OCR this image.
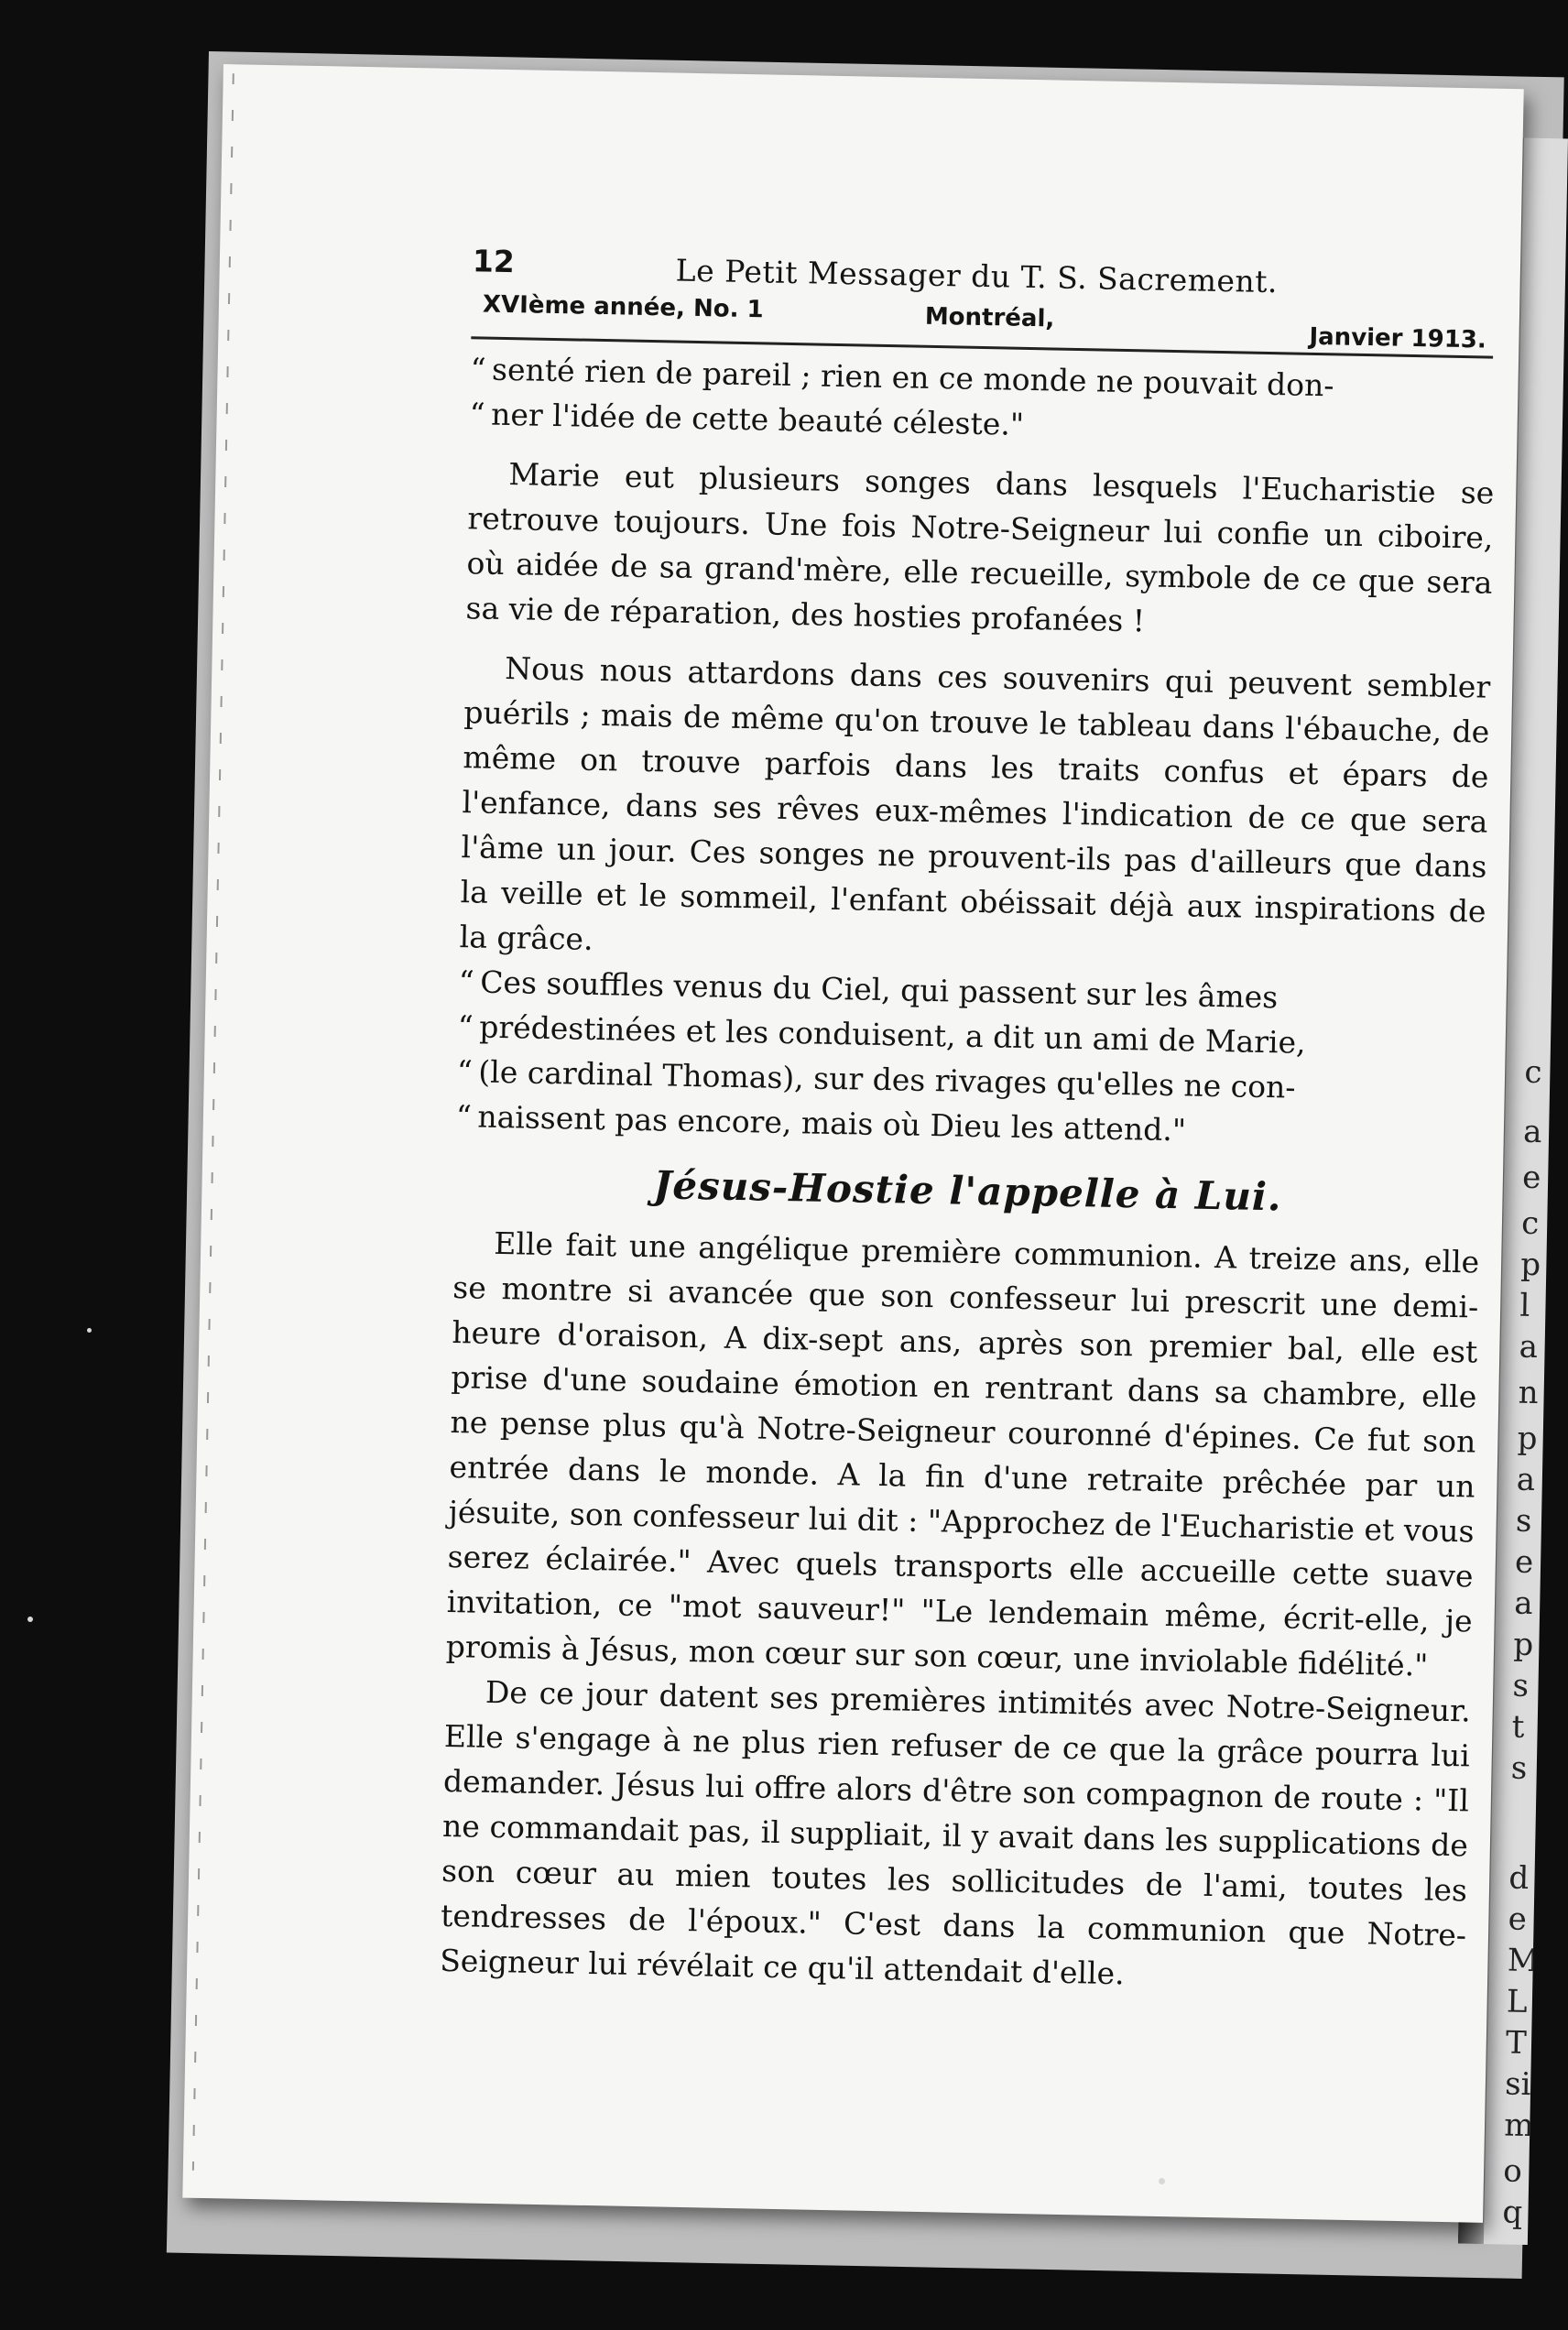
c
a
e
c
p
l
a
n
p
a
s
e
a
p
s
t
s
d
e
M
L
T
si
m
o
q
12	Le Petit Messager du T. S. Sacrement.
XVIème année, No. 1	Montréal,
Janvier 1913.

“ senté rien de pareil ; rien en ce monde ne pouvait don-

“ ner l'idée de cette beauté céleste."

Marie eut plusieurs songes dans lesquels l'Eucharistie se retrouve toujours. Une fois Notre-Seigneur lui confie un ciboire, où aidée de sa grand'mère, elle recueille, symbole de ce que sera sa vie de réparation, des hosties profanées !

Nous nous attardons dans ces souvenirs qui peuvent sembler puérils ; mais de même qu'on trouve le tableau dans l'ébauche, de même on trouve parfois dans les traits confus et épars de l'enfance, dans ses rêves eux-mêmes l'indication de ce que sera l'âme un jour. Ces songes ne prouvent-ils pas d'ailleurs que dans la veille et le sommeil, l'enfant obéissait déjà aux inspirations de la grâce.

“ Ces souffles venus du Ciel, qui passent sur les âmes

“ prédestinées et les conduisent, a dit un ami de Marie,

“ (le cardinal Thomas), sur des rivages qu'elles ne con-

“ naissent pas encore, mais où Dieu les attend."

Jésus-Hostie l'appelle à Lui.

Elle fait une angélique première communion. A treize ans, elle se montre si avancée que son confesseur lui prescrit une demi-heure d'oraison, A dix-sept ans, après son premier bal, elle est prise d'une soudaine émotion en rentrant dans sa chambre, elle ne pense plus qu'à Notre-Seigneur couronné d'épines. Ce fut son entrée dans le monde. A la fin d'une retraite prêchée par un jésuite, son confesseur lui dit : "Approchez de l'Eucharistie et vous serez éclairée." Avec quels transports elle accueille cette suave invitation, ce "mot sauveur!" "Le lendemain même, écrit-elle, je promis à Jésus, mon cœur sur son cœur, une inviolable fidélité."

De ce jour datent ses premières intimités avec Notre-Seigneur. Elle s'engage à ne plus rien refuser de ce que la grâce pourra lui demander. Jésus lui offre alors d'être son compagnon de route : "Il ne commandait pas, il suppliait, il y avait dans les supplications de son cœur au mien toutes les sollicitudes de l'ami, toutes les tendresses de l'époux." C'est dans la communion que Notre-Seigneur lui révélait ce qu'il attendait d'elle.
